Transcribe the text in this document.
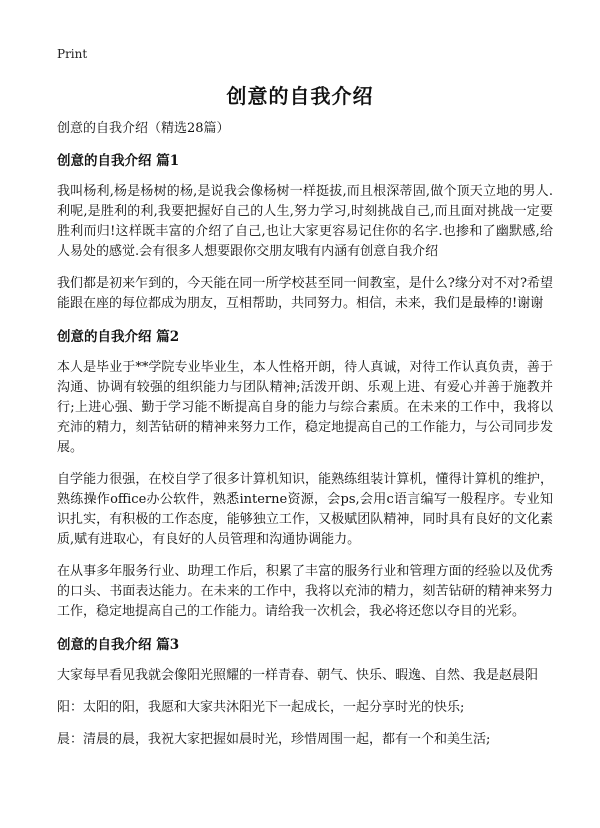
Print
创意的自我介绍
创意的自我介绍（精选28篇）
创意的自我介绍 篇1

我叫杨利,杨是杨树的杨,是说我会像杨树一样挺拔,而且根深蒂固,做个顶天立地的男人.利呢,是胜利的利,我要把握好自己的人生,努力学习,时刻挑战自己,而且面对挑战一定要胜利而归!这样既丰富的介绍了自己,也让大家更容易记住你的名字.也掺和了幽默感,给人易处的感觉.会有很多人想要跟你交朋友哦有内涵有创意自我介绍

我们都是初来乍到的，今天能在同一所学校甚至同一间教室，是什么?缘分对不对?希望能跟在座的每位都成为朋友，互相帮助，共同努力。相信，未来，我们是最棒的!谢谢

创意的自我介绍 篇2

本人是毕业于**学院专业毕业生，本人性格开朗，待人真诚，对待工作认真负责，善于沟通、协调有较强的组织能力与团队精神;活泼开朗、乐观上进、有爱心并善于施教并行;上进心强、勤于学习能不断提高自身的能力与综合素质。在未来的工作中，我将以充沛的精力，刻苦钻研的精神来努力工作，稳定地提高自己的工作能力，与公司同步发展。

自学能力很强，在校自学了很多计算机知识，能熟练组装计算机，懂得计算机的维护，熟练操作office办公软件，熟悉interne资源，会ps,会用c语言编写一般程序。专业知识扎实，有积极的工作态度，能够独立工作，又极赋团队精神，同时具有良好的文化素质,赋有进取心，有良好的人员管理和沟通协调能力。

在从事多年服务行业、助理工作后，积累了丰富的服务行业和管理方面的经验以及优秀的口头、书面表达能力。在未来的工作中，我将以充沛的精力，刻苦钻研的精神来努力工作，稳定地提高自己的工作能力。请给我一次机会，我必将还您以夺目的光彩。

创意的自我介绍 篇3

大家每早看见我就会像阳光照耀的一样青春、朝气、快乐、暇逸、自然、我是赵晨阳

阳：太阳的阳，我愿和大家共沐阳光下一起成长，一起分享时光的快乐;

晨：清晨的晨，我祝大家把握如晨时光，珍惜周围一起，都有一个和美生活;
